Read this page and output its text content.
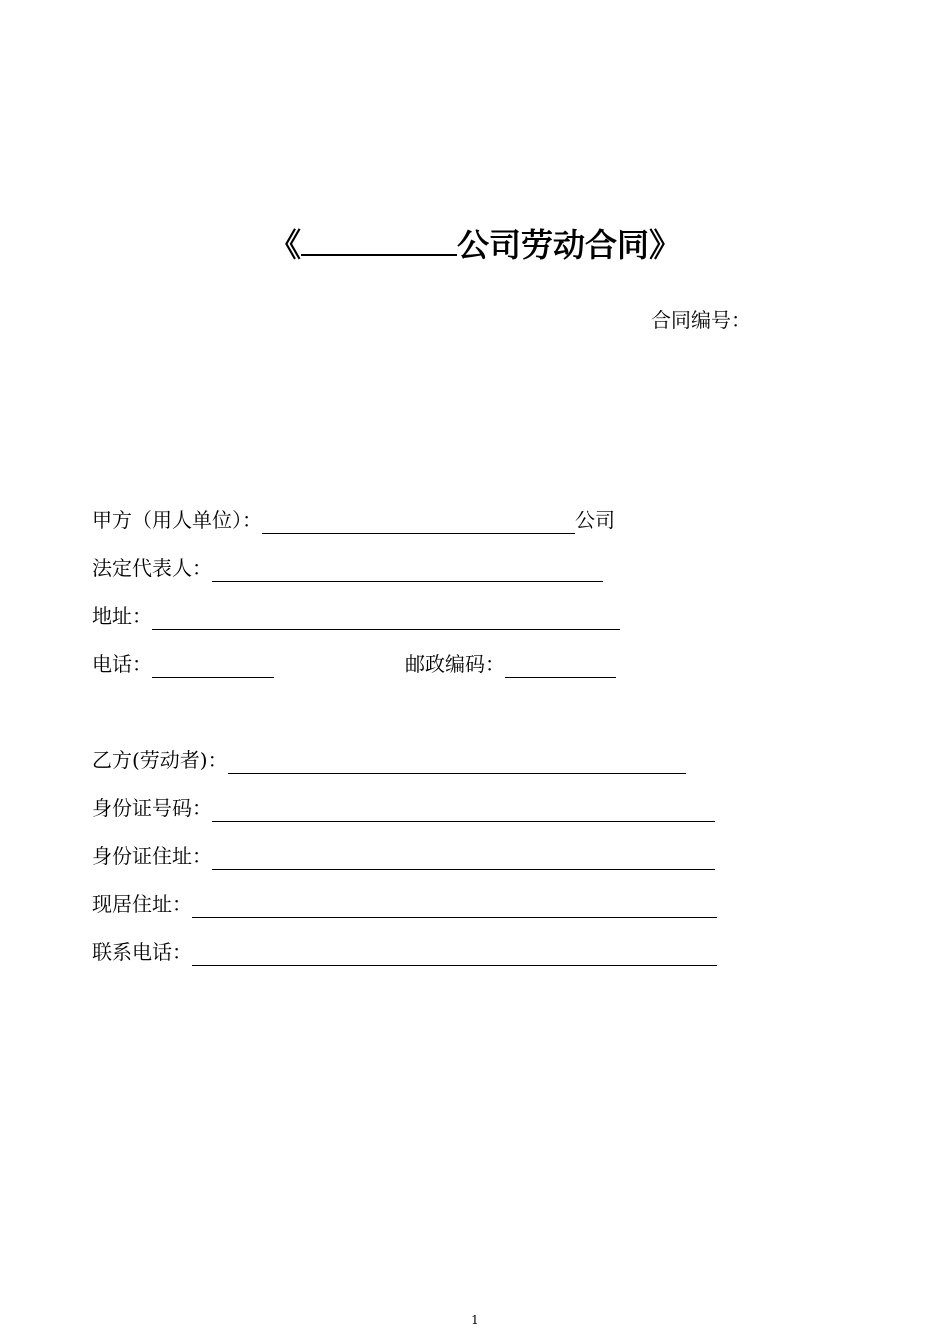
《	公司劳动合同》
合同编号：
甲方（用人单位）：	公司
法定代表人：
地址：
电话：	邮政编码：
乙方(劳动者)：
身份证号码：
身份证住址：
现居住址：
联系电话：
1
